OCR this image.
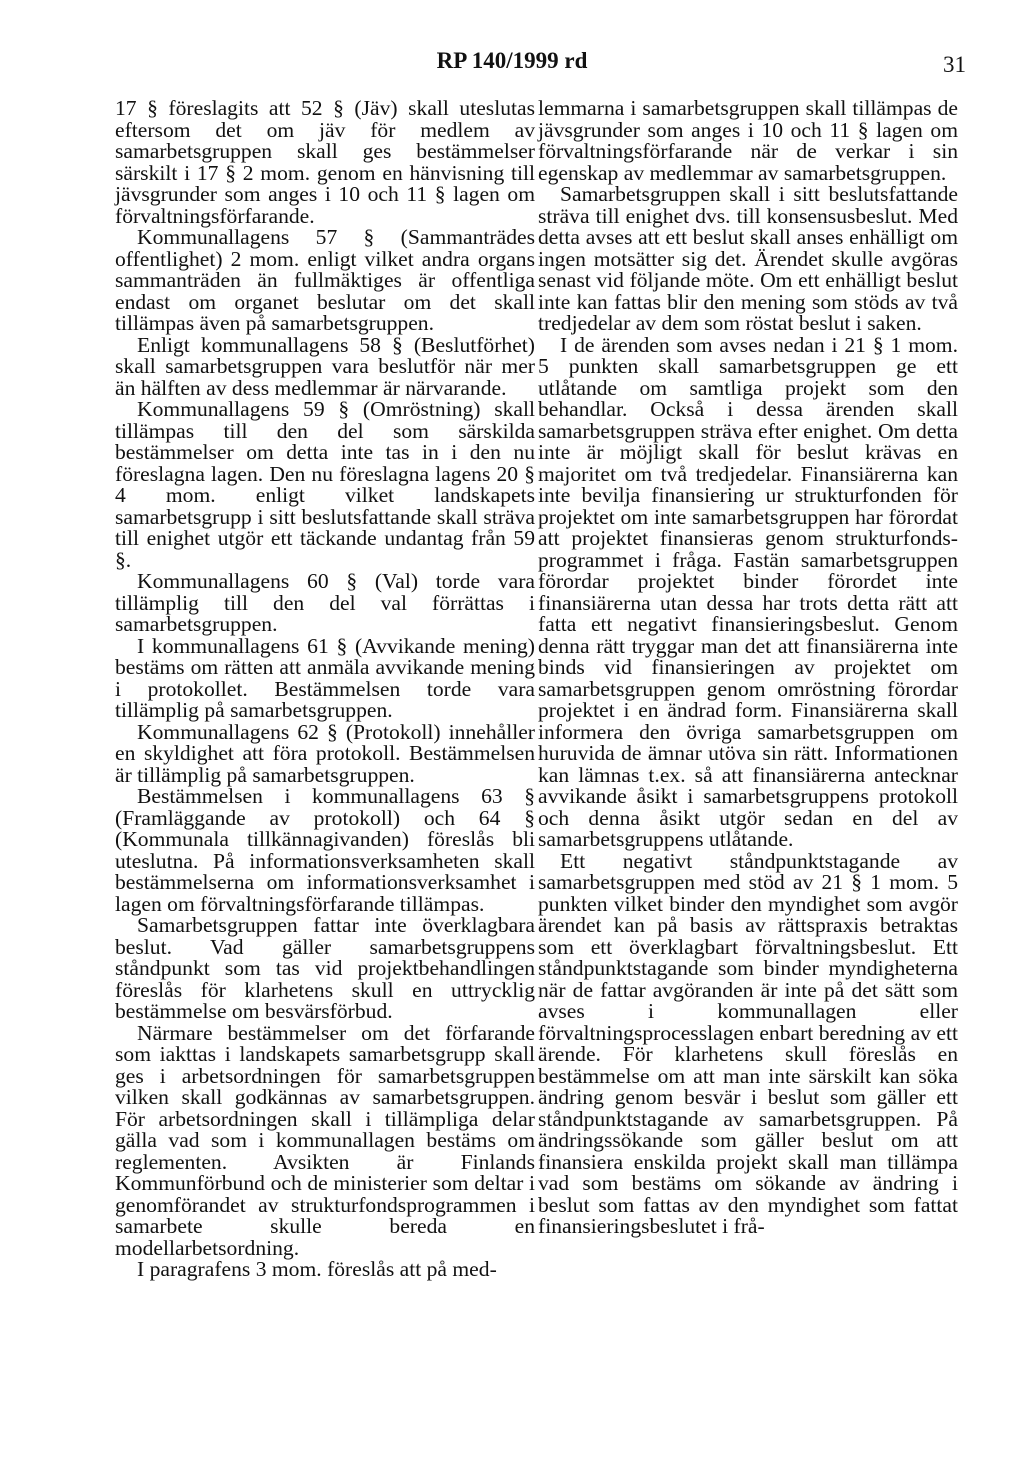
RP 140/1999 rd	31

17 § föreslagits att 52 § (Jäv) skall uteslutas eftersom det om jäv för medlem av samarbetsgruppen skall ges bestämmelser särskilt i 17 § 2 mom. genom en hänvisning till jävsgrunder som anges i 10 och 11 § lagen om förvaltningsförfarande.

Kommunallagens 57 § (Sammanträdes offentlighet) 2 mom. enligt vilket andra organs sammanträden än fullmäktiges är offentliga endast om organet beslutar om det skall tillämpas även på samarbetsgruppen.

Enligt kommunallagens 58 § (Beslutförhet) skall samarbetsgruppen vara beslutför när mer än hälften av dess medlemmar är närvarande.

Kommunallagens 59 § (Omröstning) skall tillämpas till den del som särskilda bestämmelser om detta inte tas in i den nu föreslagna lagen. Den nu föreslagna lagens 20 § 4 mom. enligt vilket landskapets samarbetsgrupp i sitt beslutsfattande skall sträva till enighet utgör ett täckande undantag från 59 §.

Kommunallagens 60 § (Val) torde vara tillämplig till den del val förrättas i samarbetsgruppen.

I kommunallagens 61 § (Avvikande mening) bestäms om rätten att anmäla avvikande mening i protokollet. Bestämmelsen torde vara tillämplig på samarbetsgruppen.

Kommunallagens 62 § (Protokoll) innehåller en skyldighet att föra protokoll. Bestämmelsen är tillämplig på samarbetsgruppen.

Bestämmelsen i kommunallagens 63 § (Framläggande av protokoll) och 64 § (Kommunala tillkännagivanden) föreslås bli uteslutna. På informationsverksamheten skall bestämmelserna om informationsverksamhet i lagen om förvaltningsförfarande tillämpas.

Samarbetsgruppen fattar inte överklagbara beslut. Vad gäller samarbetsgruppens ståndpunkt som tas vid projektbehandlingen föreslås för klarhetens skull en uttrycklig bestämmelse om besvärsförbud.

Närmare bestämmelser om det förfarande som iakttas i landskapets samarbetsgrupp skall ges i arbetsordningen för samarbetsgruppen vilken skall godkännas av samarbetsgruppen. För arbetsordningen skall i tillämpliga delar gälla vad som i kommunallagen bestäms om reglementen. Avsikten är Finlands Kommunförbund och de ministerier som deltar i genomförandet av strukturfondsprogrammen i samarbete skulle bereda en modellarbetsordning.

I paragrafens 3 mom. föreslås att på med-

lemmarna i samarbetsgruppen skall tillämpas de jävsgrunder som anges i 10 och 11 § lagen om förvaltningsförfarande när de verkar i sin egenskap av medlemmar av samarbetsgruppen.

Samarbetsgruppen skall i sitt beslutsfattande sträva till enighet dvs. till konsensusbeslut. Med detta avses att ett beslut skall anses enhälligt om ingen motsätter sig det. Ärendet skulle avgöras senast vid följande möte. Om ett enhälligt beslut inte kan fattas blir den mening som stöds av två tredjedelar av dem som röstat beslut i saken.

I de ärenden som avses nedan i 21 § 1 mom. 5 punkten skall samarbetsgruppen ge ett utlåtande om samtliga projekt som den behandlar. Också i dessa ärenden skall samarbetsgruppen sträva efter enighet. Om detta inte är möjligt skall för beslut krävas en majoritet om två tredjedelar. Finansiärerna kan inte bevilja finansiering ur strukturfonden för projektet om inte samarbetsgruppen har förordat att projektet finansieras genom strukturfonds-programmet i fråga. Fastän samarbetsgruppen förordar projektet binder förordet inte finansiärerna utan dessa har trots detta rätt att fatta ett negativt finansieringsbeslut. Genom denna rätt tryggar man det att finansiärerna inte binds vid finansieringen av projektet om samarbetsgruppen genom omröstning förordar projektet i en ändrad form. Finansiärerna skall informera den övriga samarbetsgruppen om huruvida de ämnar utöva sin rätt. Informationen kan lämnas t.ex. så att finansiärerna antecknar avvikande åsikt i samarbetsgruppens protokoll och denna åsikt utgör sedan en del av samarbetsgruppens utlåtande.

Ett negativt ståndpunktstagande av samarbetsgruppen med stöd av 21 § 1 mom. 5 punkten vilket binder den myndighet som avgör ärendet kan på basis av rättspraxis betraktas som ett överklagbart förvaltningsbeslut. Ett ståndpunktstagande som binder myndigheterna när de fattar avgöranden är inte på det sätt som avses i kommunallagen eller förvaltningsprocesslagen enbart beredning av ett ärende. För klarhetens skull föreslås en bestämmelse om att man inte särskilt kan söka ändring genom besvär i beslut som gäller ett ståndpunktstagande av samarbetsgruppen. På ändringssökande som gäller beslut om att finansiera enskilda projekt skall man tillämpa vad som bestäms om sökande av ändring i beslut som fattas av den myndighet som fattat finansieringsbeslutet i frå-
